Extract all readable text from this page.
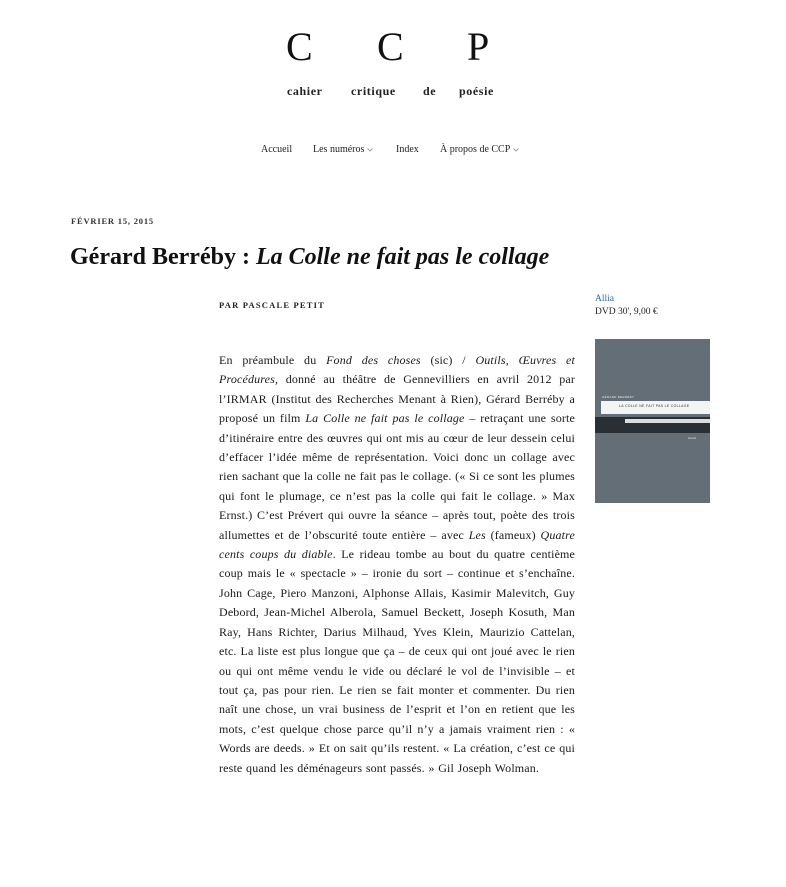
C C P
cahier critique de poésie
Accueil Les numéros	Index À propos de CCP
FÉVRIER 15, 2015
Gérard Berréby : La Colle ne fait pas le collage
PAR PASCALE PETIT
Allia
DVD 30', 9,00 €
GÉRARD BERRÉBY
LA COLLE NE FAIT PAS LE COLLAGE
ALLIA

En préambule du Fond des choses (sic) / Outils, Œuvres et Procédures, donné au théâtre de Gennevilliers en avril 2012 par l’IRMAR (Institut des Recherches Menant à Rien), Gérard Berréby a proposé un film La Colle ne fait pas le collage – retraçant une sorte d’itinéraire entre des œuvres qui ont mis au cœur de leur dessein celui d’effacer l’idée même de représentation. Voici donc un collage avec rien sachant que la colle ne fait pas le collage. (« Si ce sont les plumes qui font le plumage, ce n’est pas la colle qui fait le collage. » Max Ernst.) C’est Prévert qui ouvre la séance – après tout, poète des trois allumettes et de l’obscurité toute entière – avec Les (fameux) Quatre cents coups du diable. Le rideau tombe au bout du quatre centième coup mais le « spectacle » – ironie du sort – continue et s’enchaîne. John Cage, Piero Manzoni, Alphonse Allais, Kasimir Malevitch, Guy Debord, Jean-Michel Alberola, Samuel Beckett, Joseph Kosuth, Man Ray, Hans Richter, Darius Milhaud, Yves Klein, Maurizio Cattelan, etc. La liste est plus longue que ça – de ceux qui ont joué avec le rien ou qui ont même vendu le vide ou déclaré le vol de l’invisible – et tout ça, pas pour rien. Le rien se fait monter et commenter. Du rien naît une chose, un vrai business de l’esprit et l’on en retient que les mots, c’est quelque chose parce qu’il n’y a jamais vraiment rien : « Words are deeds. » Et on sait qu’ils restent. « La création, c’est ce qui reste quand les déménageurs sont passés. » Gil Joseph Wolman.
